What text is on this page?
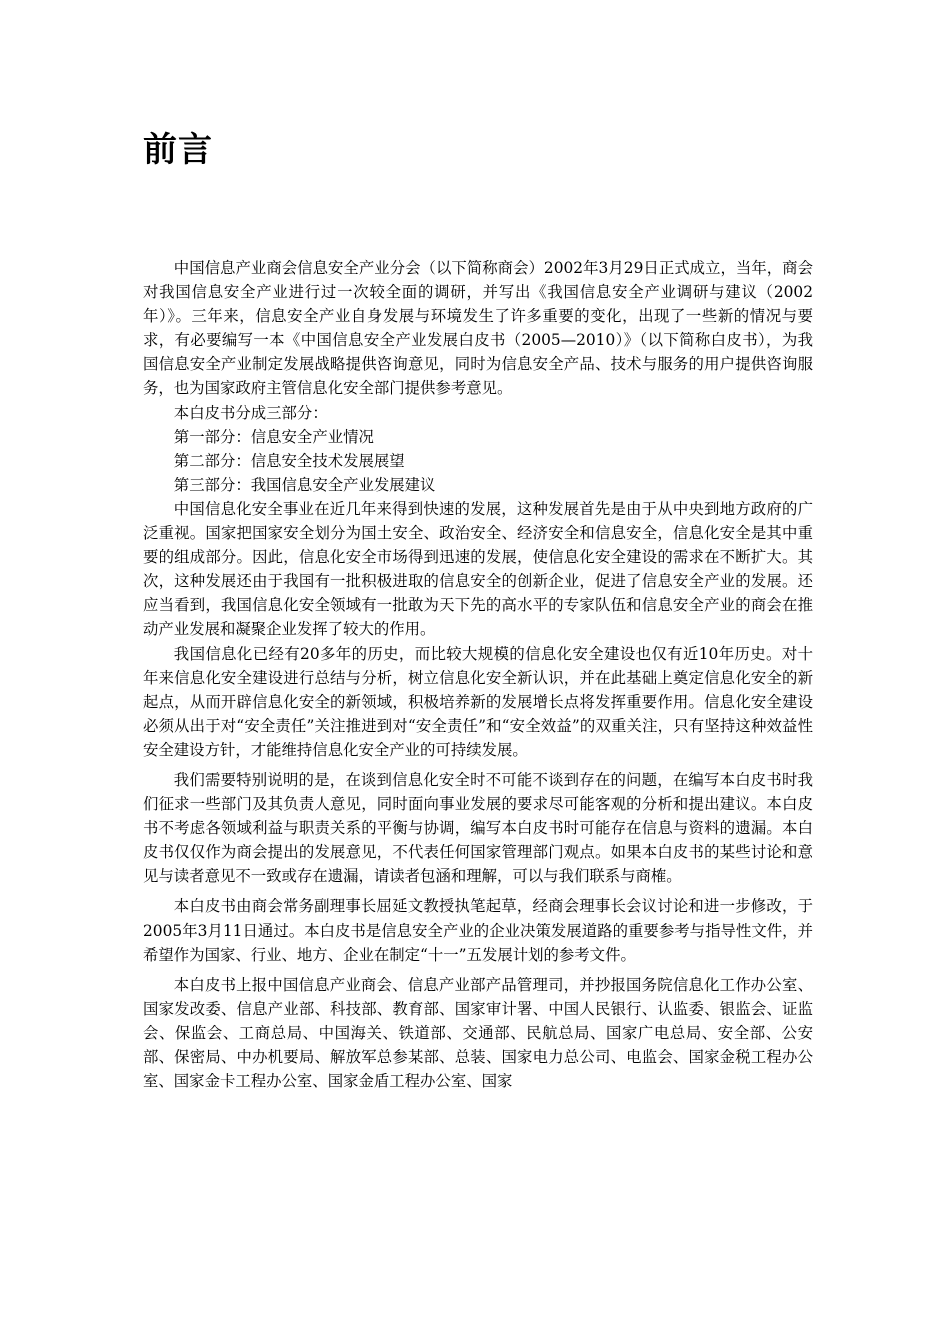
前言

中国信息产业商会信息安全产业分会（以下简称商会）2002年3月29日正式成立，当年，商会对我国信息安全产业进行过一次较全面的调研，并写出《我国信息安全产业调研与建议（2002年）》。三年来，信息安全产业自身发展与环境发生了许多重要的变化，出现了一些新的情况与要求，有必要编写一本《中国信息安全产业发展白皮书（2005—2010）》（以下简称白皮书），为我国信息安全产业制定发展战略提供咨询意见，同时为信息安全产品、技术与服务的用户提供咨询服务，也为国家政府主管信息化安全部门提供参考意见。

本白皮书分成三部分：

第一部分：信息安全产业情况

第二部分：信息安全技术发展展望

第三部分：我国信息安全产业发展建议

中国信息化安全事业在近几年来得到快速的发展，这种发展首先是由于从中央到地方政府的广泛重视。国家把国家安全划分为国土安全、政治安全、经济安全和信息安全，信息化安全是其中重要的组成部分。因此，信息化安全市场得到迅速的发展，使信息化安全建设的需求在不断扩大。其次，这种发展还由于我国有一批积极进取的信息安全的创新企业，促进了信息安全产业的发展。还应当看到，我国信息化安全领域有一批敢为天下先的高水平的专家队伍和信息安全产业的商会在推动产业发展和凝聚企业发挥了较大的作用。

我国信息化已经有20多年的历史，而比较大规模的信息化安全建设也仅有近10年历史。对十年来信息化安全建设进行总结与分析，树立信息化安全新认识，并在此基础上奠定信息化安全的新起点，从而开辟信息化安全的新领域，积极培养新的发展增长点将发挥重要作用。信息化安全建设必须从出于对“安全责任”关注推进到对“安全责任”和“安全效益”的双重关注，只有坚持这种效益性安全建设方针，才能维持信息化安全产业的可持续发展。

我们需要特别说明的是，在谈到信息化安全时不可能不谈到存在的问题，在编写本白皮书时我们征求一些部门及其负责人意见，同时面向事业发展的要求尽可能客观的分析和提出建议。本白皮书不考虑各领域利益与职责关系的平衡与协调，编写本白皮书时可能存在信息与资料的遗漏。本白皮书仅仅作为商会提出的发展意见，不代表任何国家管理部门观点。如果本白皮书的某些讨论和意见与读者意见不一致或存在遗漏，请读者包涵和理解，可以与我们联系与商榷。

本白皮书由商会常务副理事长屈延文教授执笔起草，经商会理事长会议讨论和进一步修改，于2005年3月11日通过。本白皮书是信息安全产业的企业决策发展道路的重要参考与指导性文件，并希望作为国家、行业、地方、企业在制定“十一”五发展计划的参考文件。

本白皮书上报中国信息产业商会、信息产业部产品管理司，并抄报国务院信息化工作办公室、国家发改委、信息产业部、科技部、教育部、国家审计署、中国人民银行、认监委、银监会、证监会、保监会、工商总局、中国海关、铁道部、交通部、民航总局、国家广电总局、安全部、公安部、保密局、中办机要局、解放军总参某部、总装、国家电力总公司、电监会、国家金税工程办公室、国家金卡工程办公室、国家金盾工程办公室、国家
